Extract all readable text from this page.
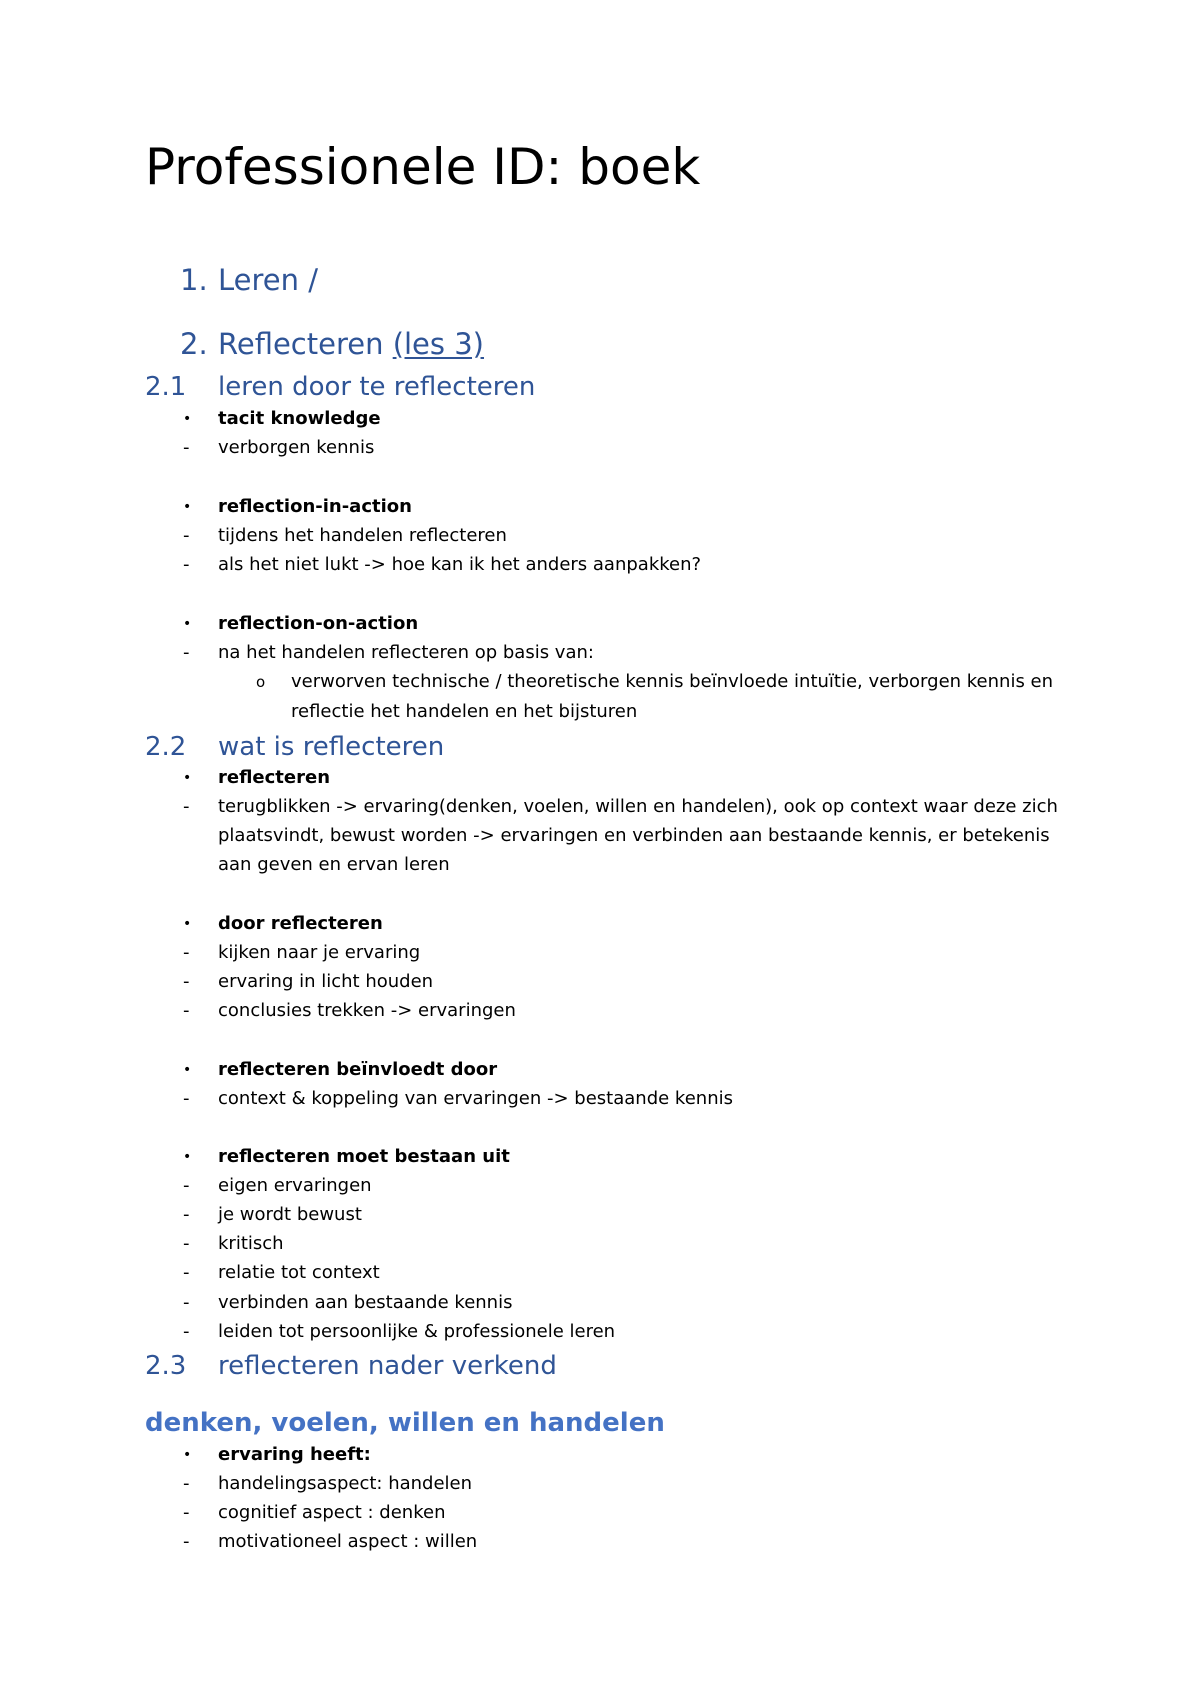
Professionele ID: boek
1. Leren /
2. Reflecteren (les 3)
2.1 leren door te reflecteren
• tacit knowledge
- verborgen kennis
• reflection-in-action
- tijdens het handelen reflecteren
- als het niet lukt -> hoe kan ik het anders aanpakken?
• reflection-on-action
- na het handelen reflecteren op basis van:
o verworven technische / theoretische kennis beïnvloede intuïtie, verborgen kennis en
reflectie het handelen en het bijsturen
2.2 wat is reflecteren
• reflecteren
- terugblikken -> ervaring(denken, voelen, willen en handelen), ook op context waar deze zich
plaatsvindt, bewust worden -> ervaringen en verbinden aan bestaande kennis, er betekenis
aan geven en ervan leren
• door reflecteren
- kijken naar je ervaring
- ervaring in licht houden
- conclusies trekken -> ervaringen
• reflecteren beïnvloedt door
- context & koppeling van ervaringen -> bestaande kennis
• reflecteren moet bestaan uit
- eigen ervaringen
- je wordt bewust
- kritisch
- relatie tot context
- verbinden aan bestaande kennis
- leiden tot persoonlijke & professionele leren
2.3 reflecteren nader verkend
denken, voelen, willen en handelen
• ervaring heeft:
- handelingsaspect: handelen
- cognitief aspect : denken
- motivationeel aspect : willen
